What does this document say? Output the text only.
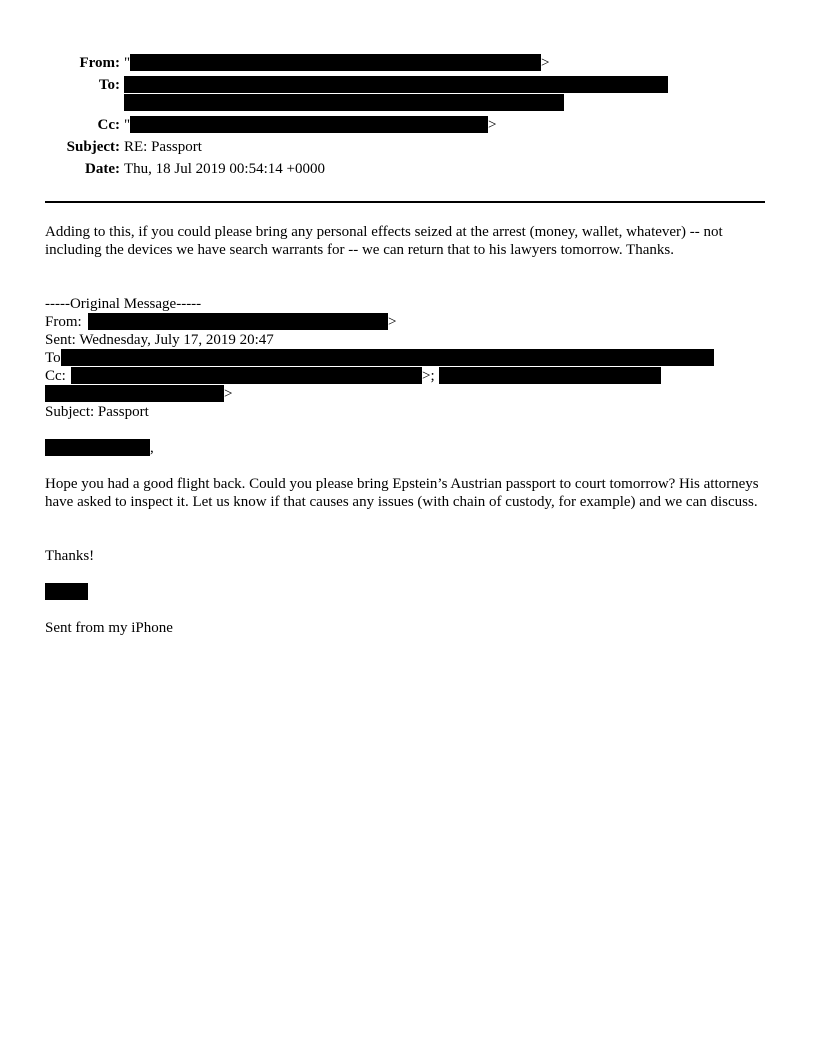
From: "	>
To:
Cc: "	>
Subject: RE: Passport
Date: Thu, 18 Jul 2019 00:54:14 +0000
Adding to this, if you could please bring any personal effects seized at the arrest (money, wallet, whatever) -- not including the devices we have search warrants for -- we can return that to his lawyers tomorrow. Thanks.
-----Original Message-----
From:	>
Sent: Wednesday, July 17, 2019 20:47
To
Cc:	>;
>
Subject: Passport
,
Hope you had a good flight back. Could you please bring Epstein’s Austrian passport to court tomorrow? His attorneys have asked to inspect it. Let us know if that causes any issues (with chain of custody, for example) and we can discuss.
Thanks!
Sent from my iPhone
